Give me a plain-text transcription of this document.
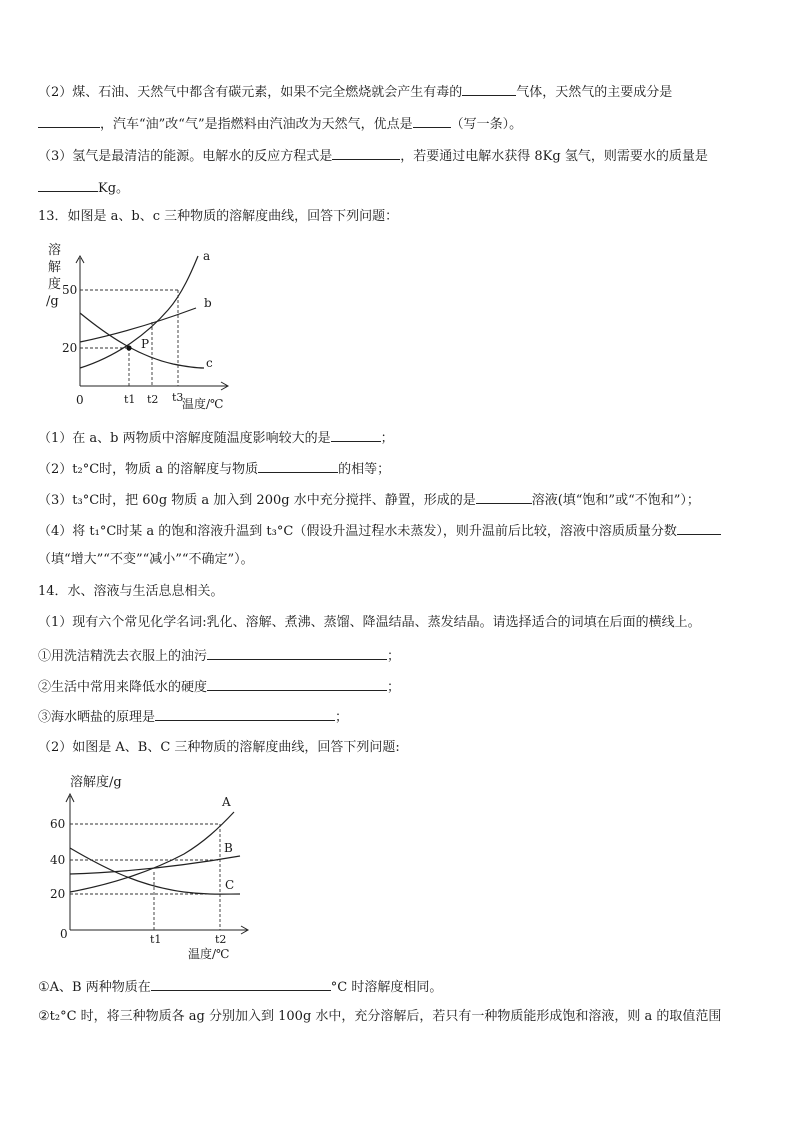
（2）煤、石油、天然气中都含有碳元素，如果不完全燃烧就会产生有毒的	气体，天然气的主要成分是
，汽车“油”改“气”是指燃料由汽油改为天然气，优点是	（写一条）。
（3）氢气是最清洁的能源。电解水的反应方程式是	，若要通过电解水获得 8Kg 氢气，则需要水的质量是
Kg。
13．如图是 a、b、c 三种物质的溶解度曲线，回答下列问题：
溶
解
度
/g
50
20
0	t1 t2 t3
温度/℃
P
a
b
c
（1）在 a、b 两物质中溶解度随温度影响较大的是	；
（2）t₂°C时，物质 a 的溶解度与物质	的相等；
（3）t₃°C时，把 60g 物质 a 加入到 200g 水中充分搅拌、静置，形成的是	溶液(填“饱和”或“不饱和”）；
（4）将 t₁°C时某 a 的饱和溶液升温到 t₃°C（假设升温过程水未蒸发），则升温前后比较，溶液中溶质质量分数
（填“增大”“不变”“减小”“不确定”）。
14．水、溶液与生活息息相关。
（1）现有六个常见化学名词:乳化、溶解、煮沸、蒸馏、降温结晶、蒸发结晶。请选择适合的词填在后面的横线上。
①用洗洁精洗去衣服上的油污	；
②生活中常用来降低水的硬度	；
③海水晒盐的原理是	；
（2）如图是 A、B、C 三种物质的溶解度曲线，回答下列问题:
溶解度/g
60
40
20
0	t1	t2
温度/℃
A
B
C
①A、B 两种物质在	°C 时溶解度相同。
②t₂°C 时，将三种物质各 ag 分别加入到 100g 水中，充分溶解后，若只有一种物质能形成饱和溶液，则 a 的取值范围
